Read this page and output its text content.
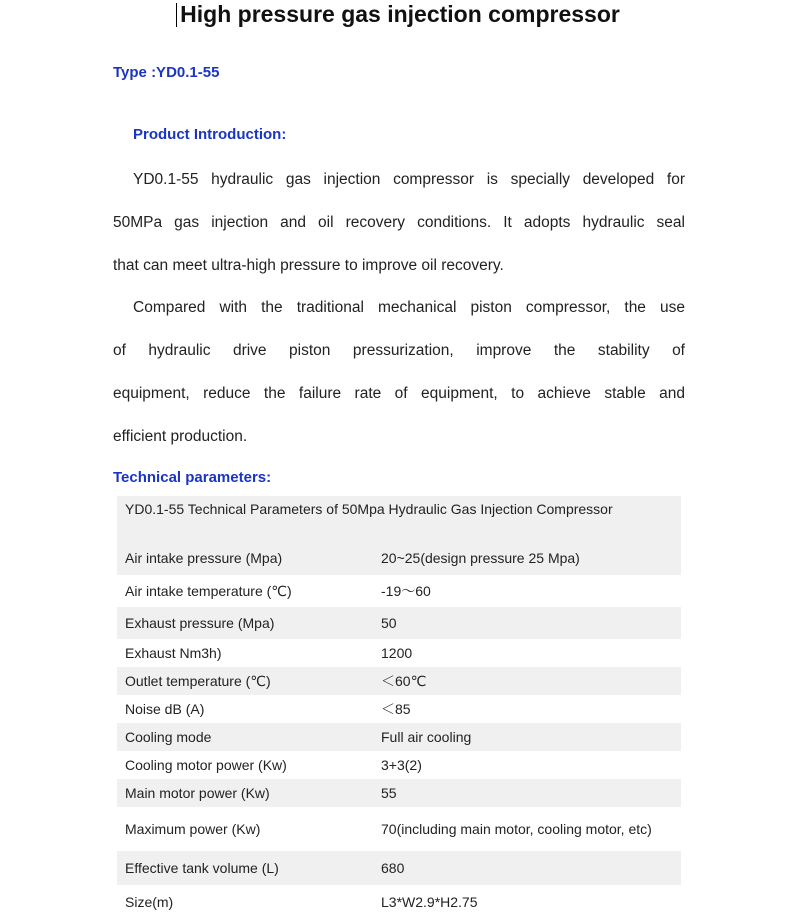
High pressure gas injection compressor
Type :YD0.1-55
Product Introduction:
YD0.1-55 hydraulic gas injection compressor is specially developed for
50MPa gas injection and oil recovery conditions. It adopts hydraulic seal
that can meet ultra-high pressure to improve oil recovery.
Compared with the traditional mechanical piston compressor, the use
of hydraulic drive piston pressurization, improve the stability of
equipment, reduce the failure rate of equipment, to achieve stable and
efficient production.
Technical parameters:
YD0.1-55 Technical Parameters of 50Mpa Hydraulic Gas Injection Compressor	
Air intake pressure (Mpa)	20~25(design pressure 25 Mpa)
Air intake temperature (℃)	-19～60
Exhaust pressure (Mpa)	50
Exhaust Nm3h)	1200
Outlet temperature (℃)	＜60℃
Noise dB (A)	＜85
Cooling mode	Full air cooling
Cooling motor power (Kw)	3+3(2)
Main motor power (Kw)	55
Maximum power (Kw)	70(including main motor, cooling motor, etc)
Effective tank volume (L)	680
Size(m)	L3*W2.9*H2.75
